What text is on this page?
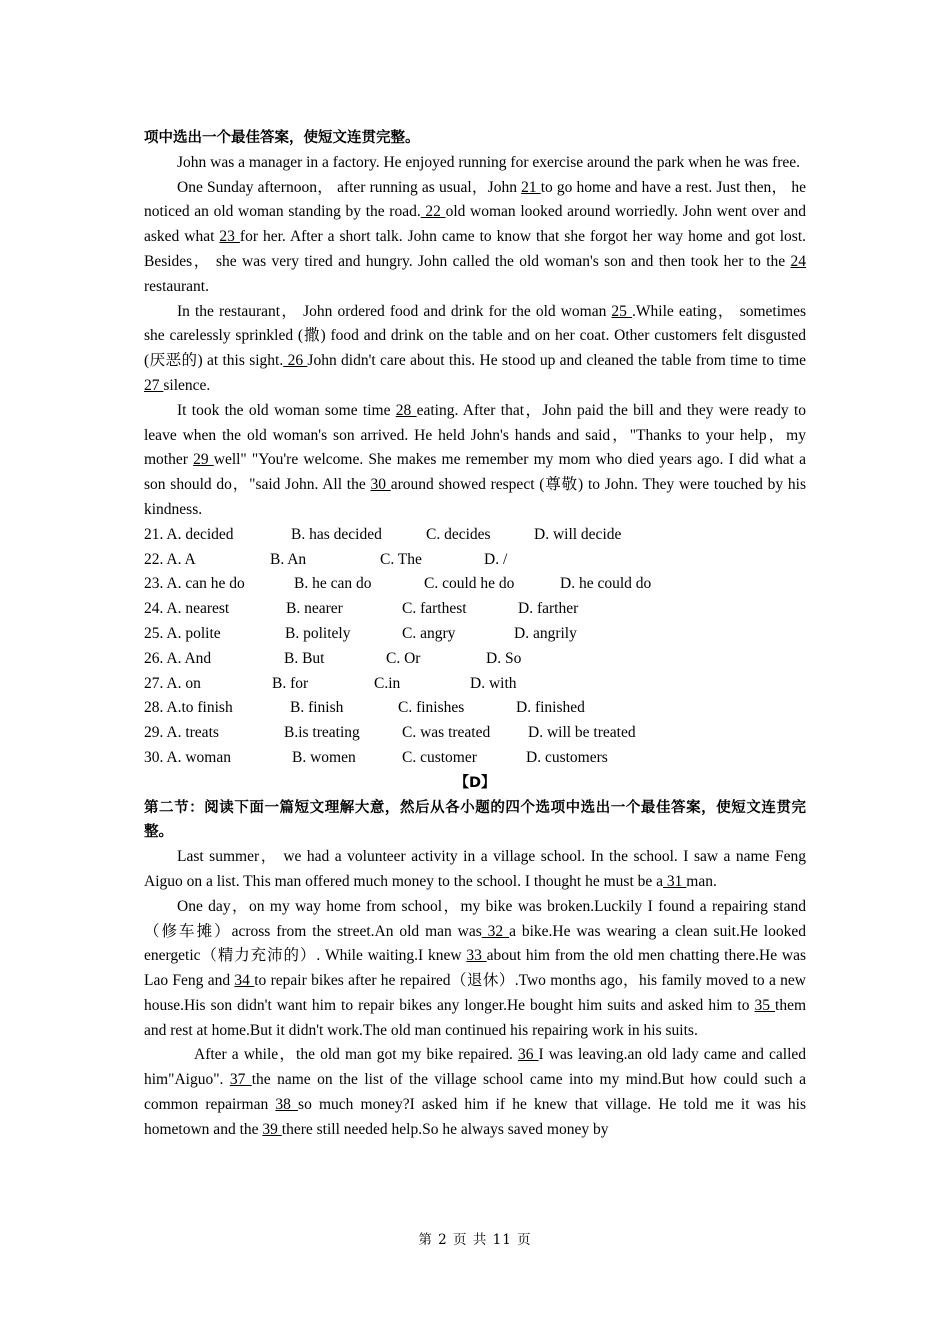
项中选出一个最佳答案，使短文连贯完整。

John was a manager in a factory. He enjoyed running for exercise around the park when he was free.

One Sunday afternoon， after running as usual，John 21 to go home and have a rest. Just then， he noticed an old woman standing by the road. 22 old woman looked around worriedly. John went over and asked what 23 for her. After a short talk. John came to know that she forgot her way home and got lost. Besides， she was very tired and hungry. John called the old woman's son and then took her to the 24 restaurant.

In the restaurant， John ordered food and drink for the old woman 25 .While eating， sometimes she carelessly sprinkled (撒) food and drink on the table and on her coat. Other customers felt disgusted (厌恶的) at this sight. 26 John didn't care about this. He stood up and cleaned the table from time to time 27 silence.

It took the old woman some time 28 eating. After that，John paid the bill and they were ready to leave when the old woman's son arrived. He held John's hands and said，"Thanks to your help，my mother 29 well" "You're welcome. She makes me remember my mom who died years ago. I did what a son should do，"said John. All the 30 around showed respect (尊敬) to John. They were touched by his kindness.

21. A. decided	B. has decided	C. decides	D. will decide
22. A. A	B. An	C. The	D. /
23. A. can he do	B. he can do	C. could he do	D. he could do
24. A. nearest	B. nearer	C. farthest	D. farther
25. A. polite	B. politely	C. angry	D. angrily
26. A. And	B. But	C. Or	D. So
27. A. on	B. for	C.in	D. with
28. A.to finish	B. finish	C. finishes	D. finished
29. A. treats	B.is treating	C. was treated	D. will be treated
30. A. woman	B. women	C. customer	D. customers

【D】

第二节：阅读下面一篇短文理解大意，然后从各小题的四个选项中选出一个最佳答案，使短文连贯完整。

Last summer， we had a volunteer activity in a village school. In the school. I saw a name Feng Aiguo on a list. This man offered much money to the school. I thought he must be a 31 man.

One day，on my way home from school，my bike was broken.Luckily I found a repairing stand（修车摊）across from the street.An old man was 32 a bike.He was wearing a clean suit.He looked energetic（精力充沛的）. While waiting.I knew 33 about him from the old men chatting there.He was Lao Feng and 34 to repair bikes after he repaired（退休）.Two months ago，his family moved to a new house.His son didn't want him to repair bikes any longer.He bought him suits and asked him to 35 them and rest at home.But it didn't work.The old man continued his repairing work in his suits.

After a while，the old man got my bike repaired. 36 I was leaving.an old lady came and called him"Aiguo". 37 the name on the list of the village school came into my mind.But how could such a common repairman 38 so much money?I asked him if he knew that village. He told me it was his hometown and the 39 there still needed help.So he always saved money by

第 2 页 共 11 页
